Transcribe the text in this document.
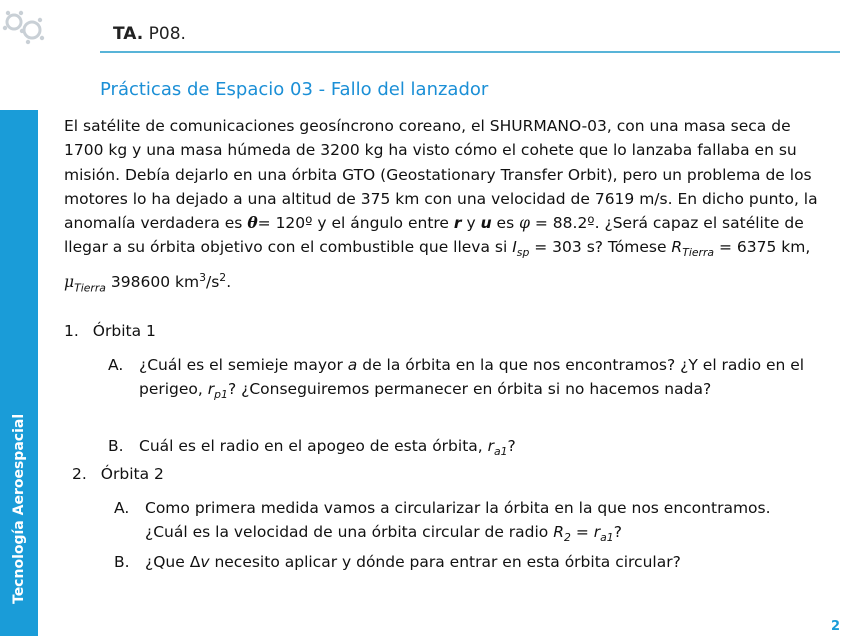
TA. P08.
Tecnología Aeroespacial
Prácticas de Espacio 03 - Fallo del lanzador

El satélite de comunicaciones geosíncrono coreano, el SHURMANO-03, con una masa seca de 1700 kg y una masa húmeda de 3200 kg ha visto cómo el cohete que lo lanzaba fallaba en su misión. Debía dejarlo en una órbita GTO (Geostationary Transfer Orbit), pero un problema de los motores lo ha dejado a una altitud de 375 km con una velocidad de 7619 m/s. En dicho punto, la anomalía verdadera es θ= 120º y el ángulo entre r y u es φ = 88.2º. ¿Será capaz el satélite de llegar a su órbita objetivo con el combustible que lleva si $I_{sp} = 303$ s? Tómese $R_{Tierra} = 6375$ km, $\mu_{Tierra}$ 398600 $km^3/s^2$.

1. Órbita 1
A. ¿Cuál es el semieje mayor a de la órbita en la que nos encontramos? ¿Y el radio en el perigeo, $r_{p1}$? ¿Conseguiremos permanecer en órbita si no hacemos nada?
B. Cuál es el radio en el apogeo de esta órbita, $r_{a1}$?
2. Órbita 2
A. Como primera medida vamos a circularizar la órbita en la que nos encontramos. ¿Cuál es la velocidad de una órbita circular de radio $R_2 = r_{a1}$?
B. ¿Que Δv necesito aplicar y dónde para entrar en esta órbita circular?
2
